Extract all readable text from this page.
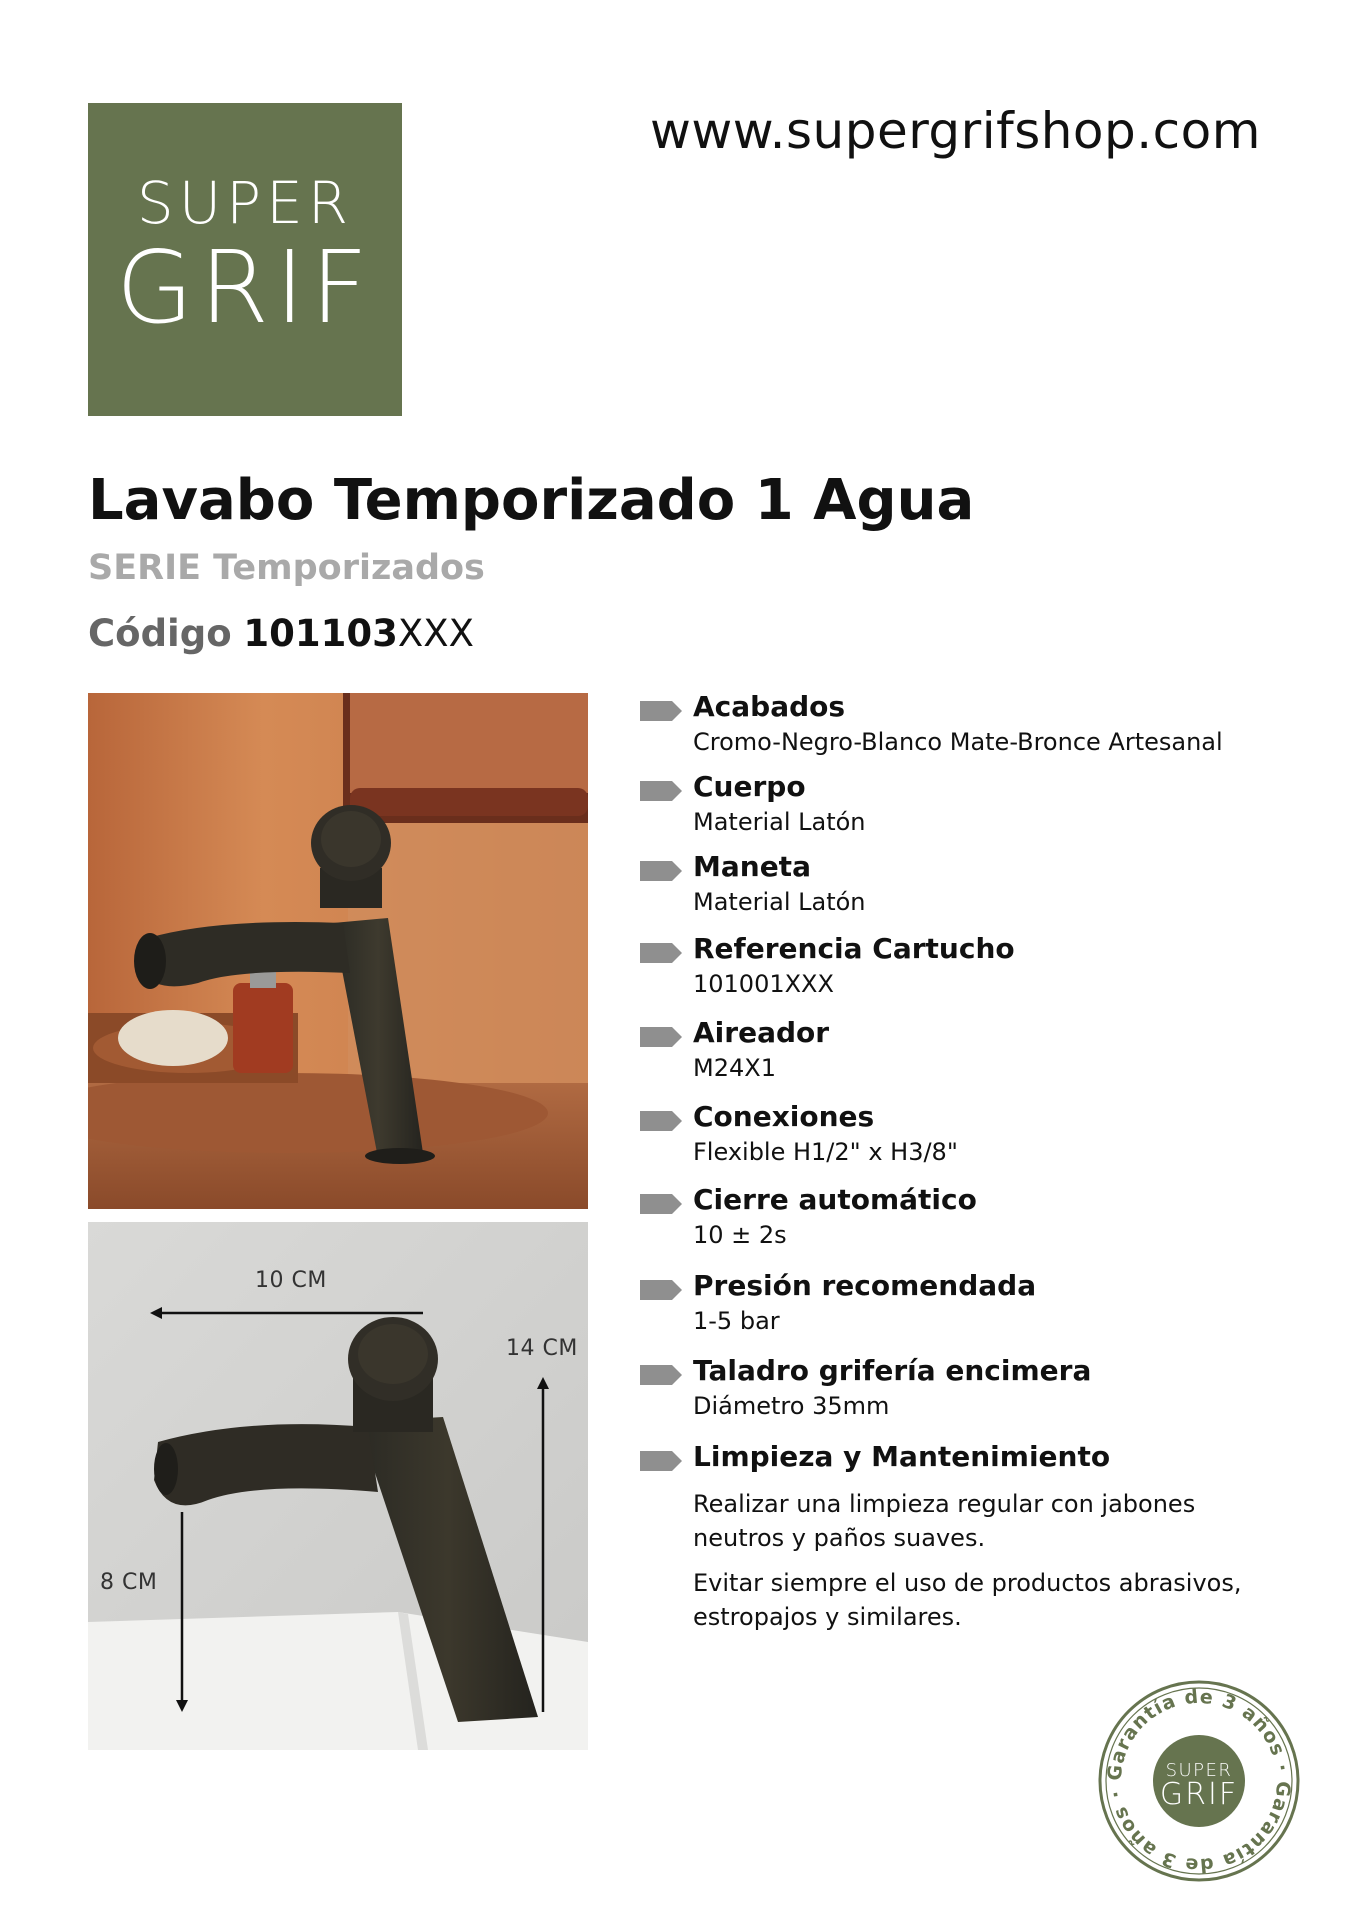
SUPER
GRIF
www.supergrifshop.com
Lavabo Temporizado 1 Agua
SERIE Temporizados
Código 101103XXX
10 CM
14 CM
8 CM
Acabados
Cromo-Negro-Blanco Mate-Bronce Artesanal
Cuerpo
Material Latón
Maneta
Material Latón
Referencia Cartucho
101001XXX
Aireador
M24X1
Conexiones
Flexible H1/2" x H3/8"
Cierre automático
10 ± 2s
Presión recomendada
1-5 bar
Taladro grifería encimera
Diámetro 35mm
Limpieza y Mantenimiento
Realizar una limpieza regular con jabones neutros y paños suaves.
Evitar siempre el uso de productos abrasivos, estropajos y similares.
Garantía de 3 años · Garantía de 3 años ·
SUPER
GRIF
